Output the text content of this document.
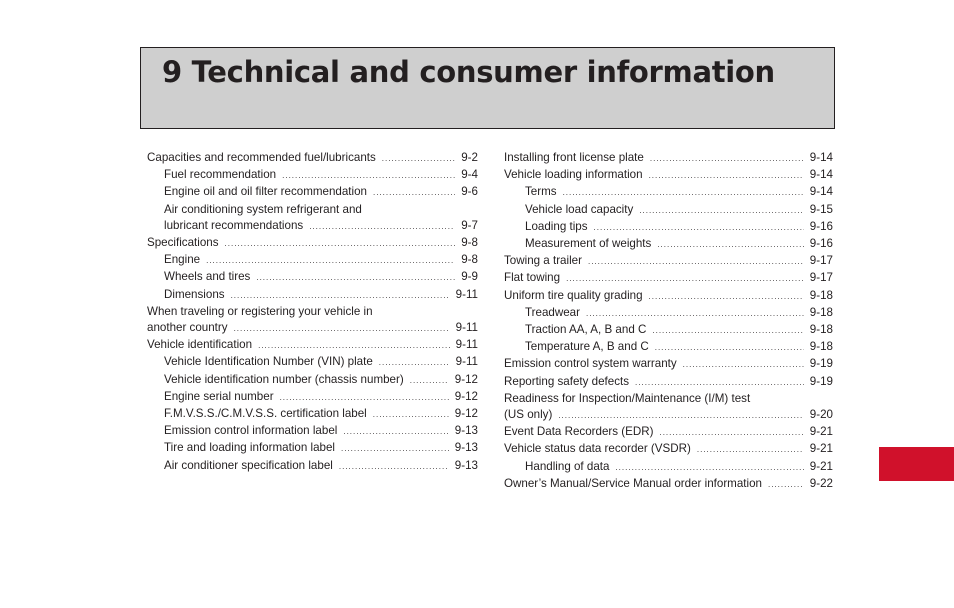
9 Technical and consumer information
Capacities and recommended fuel/lubricants .....	9-2
Fuel recommendation .....	9-4
Engine oil and oil filter recommendation .....	9-6
Air conditioning system refrigerant and
lubricant recommendations .....	9-7
Specifications .....	9-8
Engine .....	9-8
Wheels and tires .....	9-9
Dimensions .....	9-11
When traveling or registering your vehicle in
another country .....	9-11
Vehicle identification .....	9-11
Vehicle Identification Number (VIN) plate .....	9-11
Vehicle identification number (chassis number) .....	9-12
Engine serial number .....	9-12
F.M.V.S.S./C.M.V.S.S. certification label .....	9-12
Emission control information label .....	9-13
Tire and loading information label .....	9-13
Air conditioner specification label .....	9-13
Installing front license plate .....	9-14
Vehicle loading information .....	9-14
Terms .....	9-14
Vehicle load capacity .....	9-15
Loading tips .....	9-16
Measurement of weights .....	9-16
Towing a trailer .....	9-17
Flat towing .....	9-17
Uniform tire quality grading .....	9-18
Treadwear .....	9-18
Traction AA, A, B and C .....	9-18
Temperature A, B and C .....	9-18
Emission control system warranty .....	9-19
Reporting safety defects .....	9-19
Readiness for Inspection/Maintenance (I/M) test
(US only) .....	9-20
Event Data Recorders (EDR) .....	9-21
Vehicle status data recorder (VSDR) .....	9-21
Handling of data .....	9-21
Owner’s Manual/Service Manual order information .....	9-22
